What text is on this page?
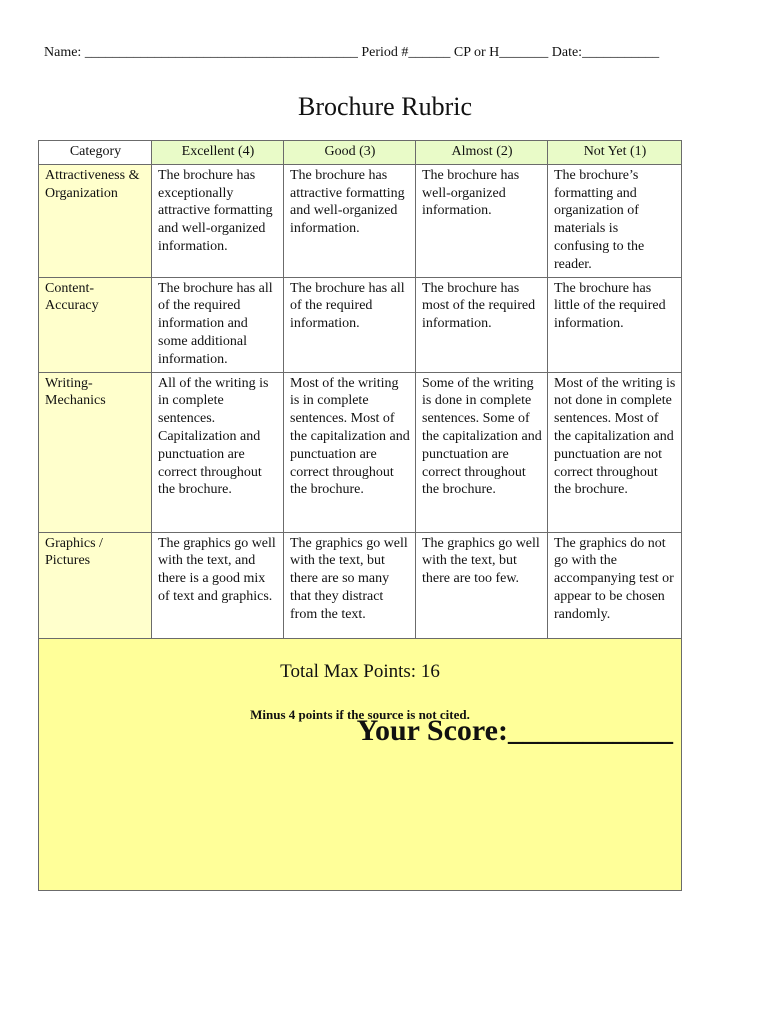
Name: _______________________________________ Period #______ CP or H_______ Date:___________
Brochure Rubric
Category	Excellent (4)	Good (3)	Almost (2)	Not Yet (1)
Attractiveness & Organization	The brochure has exceptionally attractive formatting and well-organized information.	The brochure has attractive formatting and well-organized information.	The brochure has well-organized information.	The brochure’s formatting and organization of materials is confusing to the reader.
Content-Accuracy	The brochure has all of the required information and some additional information.	The brochure has all of the required information.	The brochure has most of the required information.	The brochure has little of the required information.
Writing-Mechanics	All of the writing is in complete sentences. Capitalization and punctuation are correct throughout the brochure.	Most of the writing is in complete sentences. Most of the capitalization and punctuation are correct throughout the brochure.	Some of the writing is done in complete sentences. Some of the capitalization and punctuation are correct throughout the brochure.	Most of the writing is not done in complete sentences. Most of the capitalization and punctuation are not correct throughout the brochure.
Graphics / Pictures	The graphics go well with the text, and there is a good mix of text and graphics.	The graphics go well with the text, but there are so many that they distract from the text.	The graphics go well with the text, but there are too few.	The graphics do not go with the accompanying test or appear to be chosen randomly.

Total Max Points: 16
Minus 4 points if the source is not cited.
Your Score:___________				
